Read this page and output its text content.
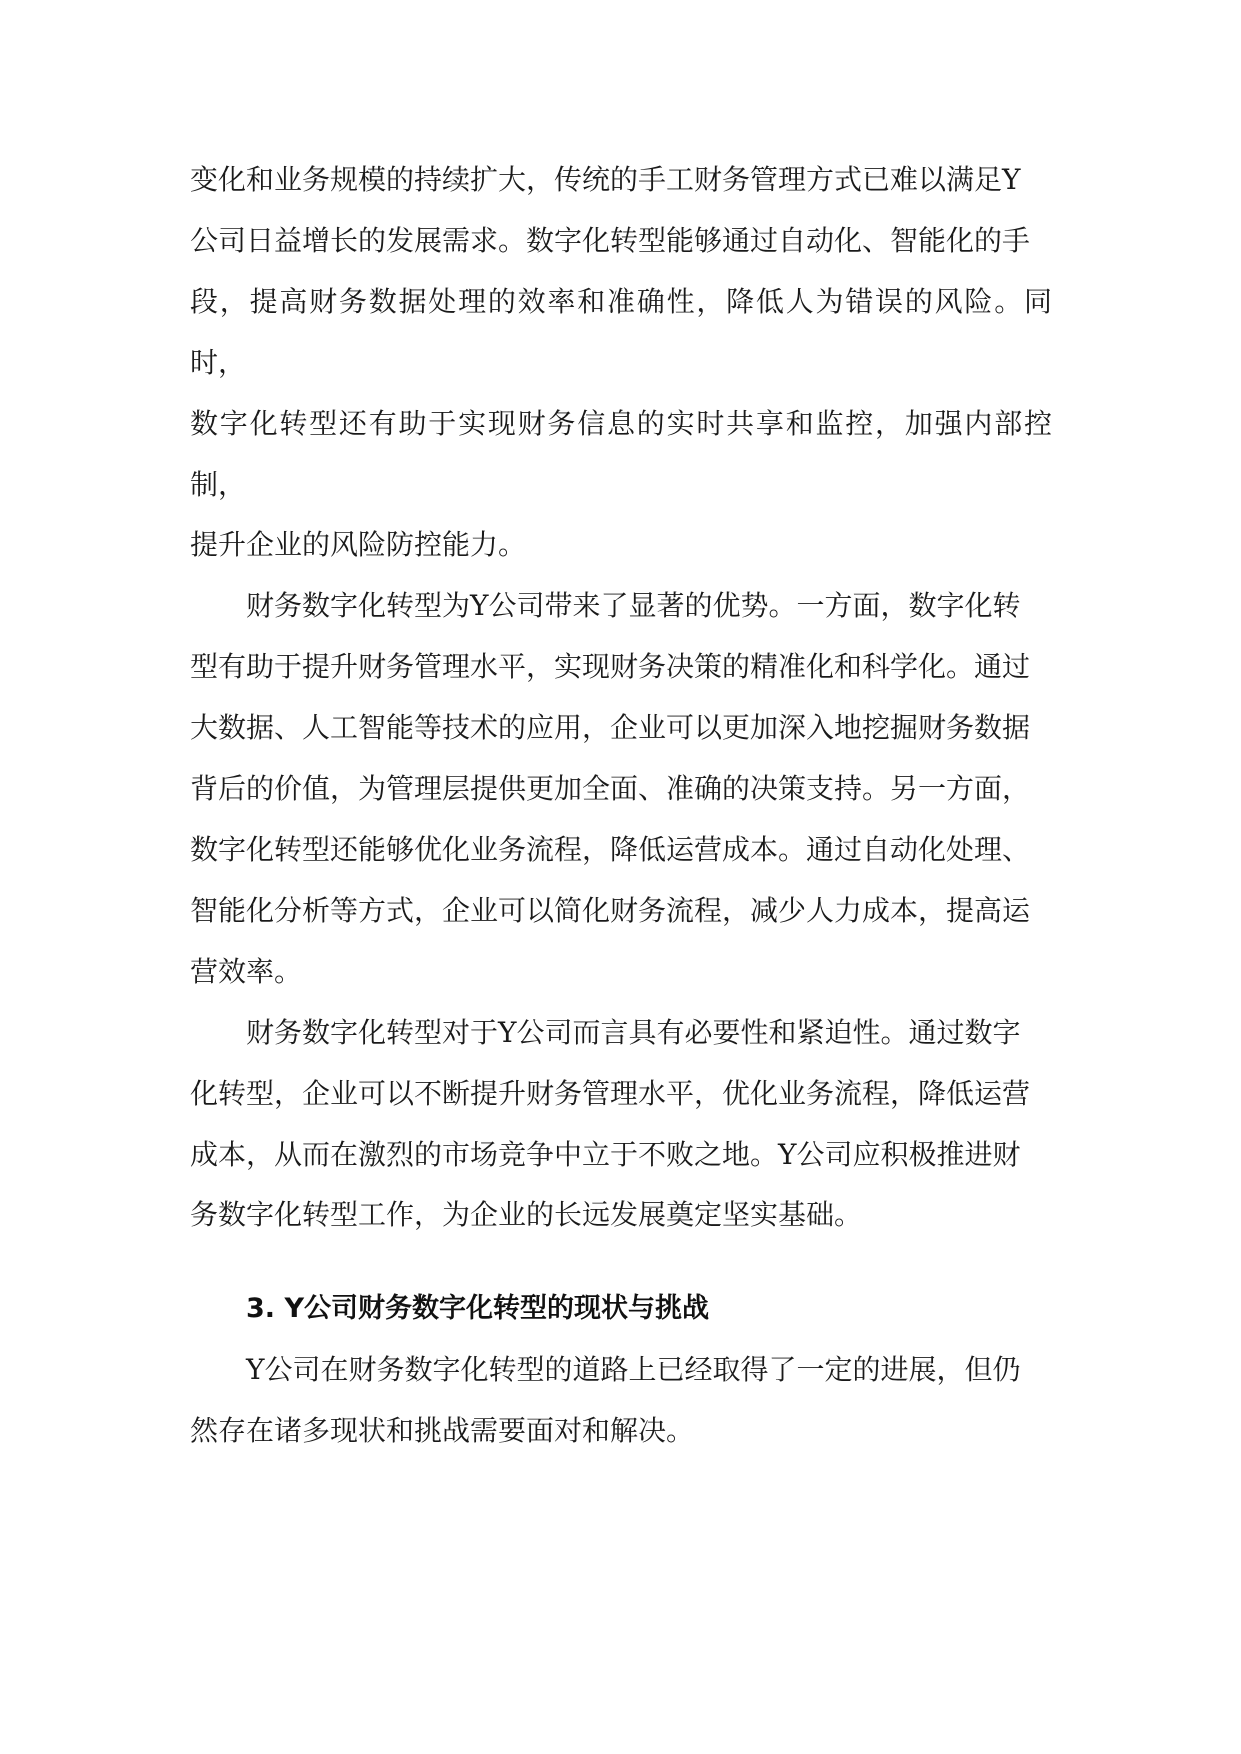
变化和业务规模的持续扩大，传统的手工财务管理方式已难以满足Y
公司日益增长的发展需求。数字化转型能够通过自动化、智能化的手
段，提高财务数据处理的效率和准确性，降低人为错误的风险。同时，
数字化转型还有助于实现财务信息的实时共享和监控，加强内部控制，
提升企业的风险防控能力。

财务数字化转型为Y公司带来了显著的优势。一方面，数字化转
型有助于提升财务管理水平，实现财务决策的精准化和科学化。通过
大数据、人工智能等技术的应用，企业可以更加深入地挖掘财务数据
背后的价值，为管理层提供更加全面、准确的决策支持。另一方面，
数字化转型还能够优化业务流程，降低运营成本。通过自动化处理、
智能化分析等方式，企业可以简化财务流程，减少人力成本，提高运
营效率。

财务数字化转型对于Y公司而言具有必要性和紧迫性。通过数字
化转型，企业可以不断提升财务管理水平，优化业务流程，降低运营
成本，从而在激烈的市场竞争中立于不败之地。Y公司应积极推进财
务数字化转型工作，为企业的长远发展奠定坚实基础。

3. Y公司财务数字化转型的现状与挑战

Y公司在财务数字化转型的道路上已经取得了一定的进展，但仍
然存在诸多现状和挑战需要面对和解决。
